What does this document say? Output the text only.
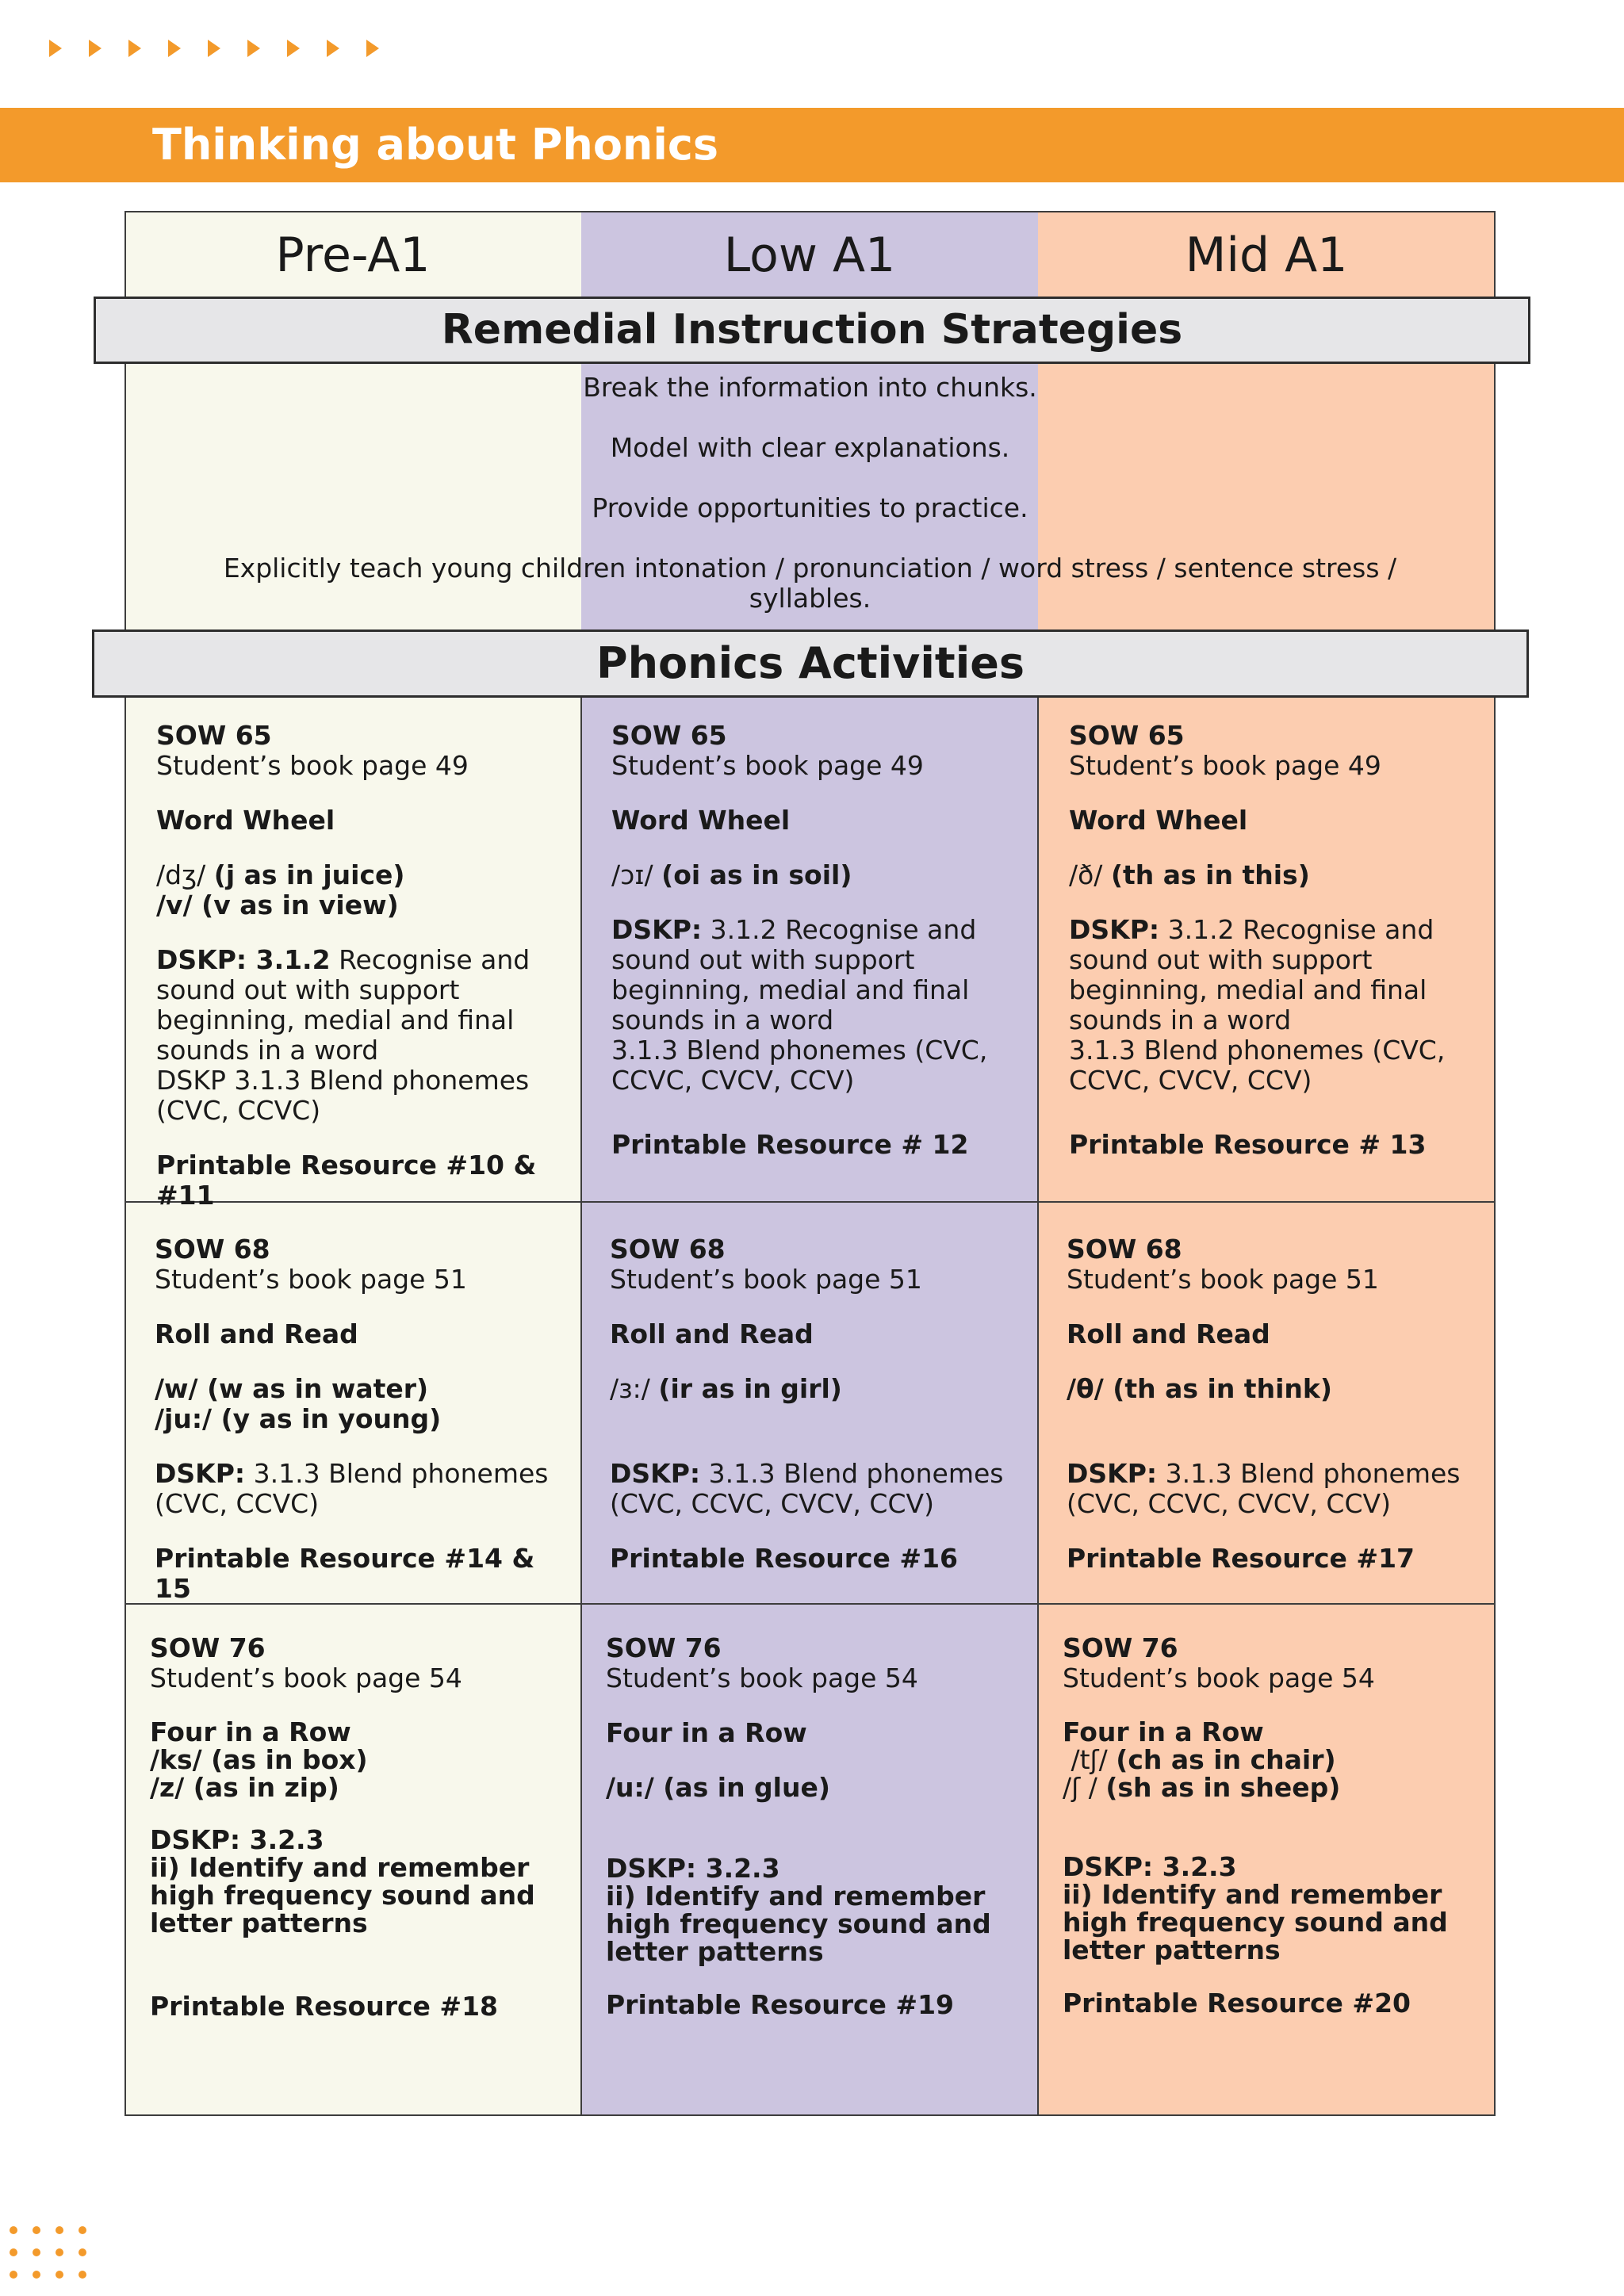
Thinking about Phonics
Pre-A1	Low A1	Mid A1
Remedial Instruction Strategies

Break the information into chunks.

Model with clear explanations.

Provide opportunities to practice.

Explicitly teach young children intonation / pronunciation / word stress / sentence stress / syllables.

Phonics Activities

SOW 65
Student’s book page 49

Word Wheel

/dʒ/ (j as in juice)
/v/ (v as in view)

DSKP: 3.1.2 Recognise and sound out with support beginning, medial and final sounds in a word
DSKP 3.1.3 Blend phonemes (CVC, CCVC)

Printable Resource #10 & #11

SOW 65
Student’s book page 49

Word Wheel

/ɔɪ/ (oi as in soil)

DSKP: 3.1.2 Recognise and sound out with support beginning, medial and final sounds in a word
3.1.3 Blend phonemes (CVC, CCVC, CVCV, CCV)

Printable Resource # 12

SOW 65
Student’s book page 49

Word Wheel

/ð/ (th as in this)

DSKP: 3.1.2 Recognise and sound out with support beginning, medial and final sounds in a word
3.1.3 Blend phonemes (CVC, CCVC, CVCV, CCV)

Printable Resource # 13

SOW 68
Student’s book page 51

Roll and Read

/w/ (w as in water)
/ju:/ (y as in young)

DSKP: 3.1.3 Blend phonemes (CVC, CCVC)

Printable Resource #14 & 15

SOW 68
Student’s book page 51

Roll and Read

/ɜ:/ (ir as in girl)

DSKP: 3.1.3 Blend phonemes (CVC, CCVC, CVCV, CCV)

Printable Resource #16

SOW 68
Student’s book page 51

Roll and Read

/θ/ (th as in think)

DSKP: 3.1.3 Blend phonemes (CVC, CCVC, CVCV, CCV)

Printable Resource #17

SOW 76
Student’s book page 54

Four in a Row
/ks/ (as in box)
/z/ (as in zip)

DSKP: 3.2.3
ii) Identify and remember high frequency sound and letter patterns

Printable Resource #18

SOW 76
Student’s book page 54

Four in a Row

/u:/ (as in glue)

DSKP: 3.2.3
ii) Identify and remember high frequency sound and letter patterns

Printable Resource #19

SOW 76
Student’s book page 54

Four in a Row
/tʃ/ (ch as in chair)
/ʃ / (sh as in sheep)

DSKP: 3.2.3
ii) Identify and remember high frequency sound and letter patterns

Printable Resource #20
